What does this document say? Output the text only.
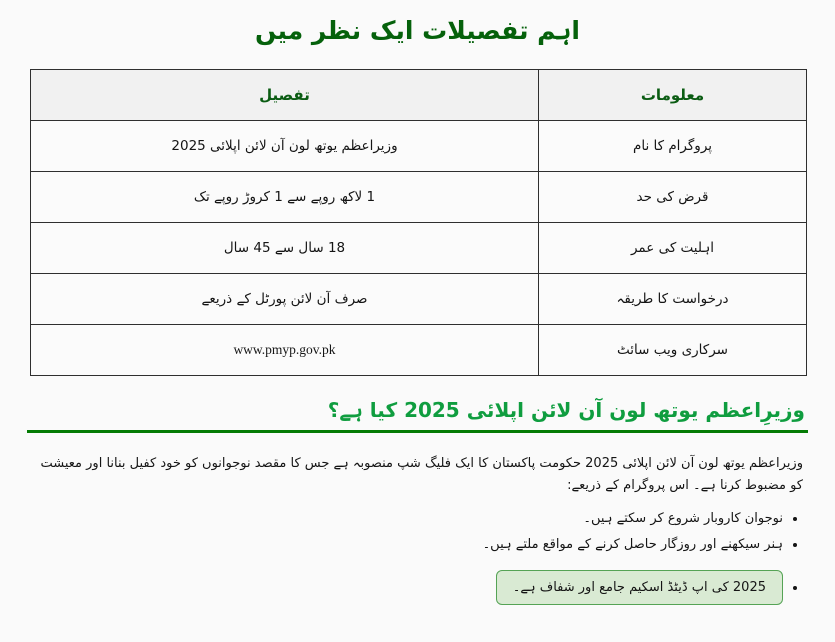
اہم تفصیلات ایک نظر میں
تفصیل	معلومات
وزیراعظم یوتھ لون آن لائن اپلائی 2025	پروگرام کا نام
1 لاکھ روپے سے 1 کروڑ روپے تک	قرض کی حد
18 سال سے 45 سال	اہلیت کی عمر
صرف آن لائن پورٹل کے ذریعے	درخواست کا طریقہ
www.pmyp.gov.pk	سرکاری ویب سائٹ
وزیرِاعظم یوتھ لون آن لائن اپلائی 2025 کیا ہے؟

وزیراعظم یوتھ لون آن لائن اپلائی 2025 حکومت پاکستان کا ایک فلیگ شپ منصوبہ ہے جس کا مقصد نوجوانوں کو خود کفیل بنانا اور معیشت کو مضبوط کرنا ہے۔ اس پروگرام کے ذریعے:

• نوجوان کاروبار شروع کر سکتے ہیں۔
• ہنر سیکھنے اور روزگار حاصل کرنے کے مواقع ملتے ہیں۔
• 2025 کی اپ ڈیٹڈ اسکیم جامع اور شفاف ہے۔
